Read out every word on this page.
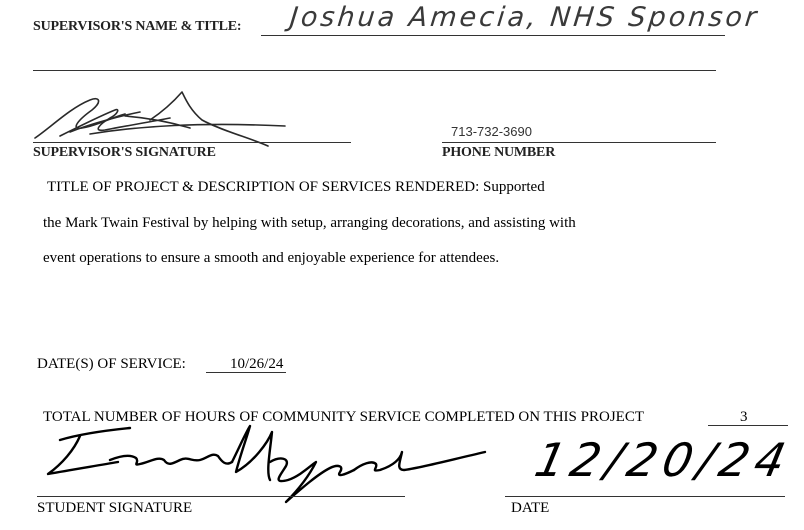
SUPERVISOR'S NAME & TITLE: Joshua Amecia, NHS Sponsor
SUPERVISOR'S SIGNATURE
713-732-3690
PHONE NUMBER
TITLE OF PROJECT & DESCRIPTION OF SERVICES RENDERED: Supported
the Mark Twain Festival by helping with setup, arranging decorations, and assisting with
event operations to ensure a smooth and enjoyable experience for attendees.
DATE(S) OF SERVICE:	10/26/24
TOTAL NUMBER OF HOURS OF COMMUNITY SERVICE COMPLETED ON THIS PROJECT	3
STUDENT SIGNATURE
12/20/24
DATE
